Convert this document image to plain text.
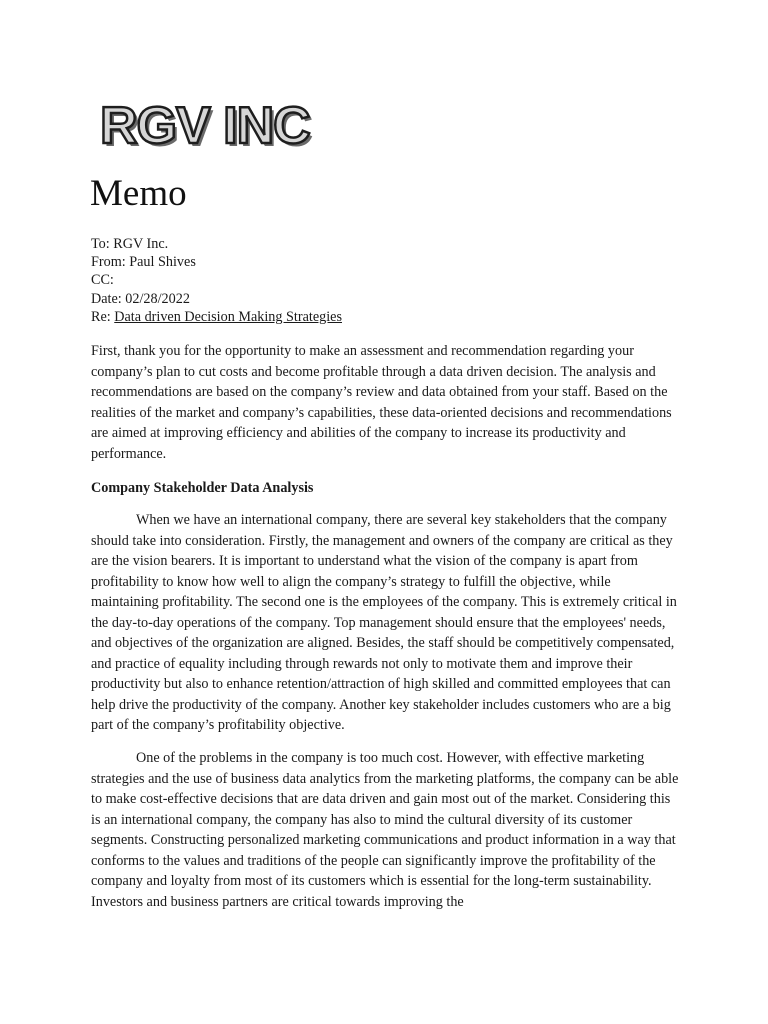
RGV INC
Memo
To: RGV Inc.
From: Paul Shives
CC:
Date: 02/28/2022
Re: Data driven Decision Making Strategies

First, thank you for the opportunity to make an assessment and recommendation regarding your company’s plan to cut costs and become profitable through a data driven decision. The analysis and recommendations are based on the company’s review and data obtained from your staff. Based on the realities of the market and company’s capabilities, these data-oriented decisions and recommendations are aimed at improving efficiency and abilities of the company to increase its productivity and performance.

Company Stakeholder Data Analysis

When we have an international company, there are several key stakeholders that the company should take into consideration. Firstly, the management and owners of the company are critical as they are the vision bearers. It is important to understand what the vision of the company is apart from profitability to know how well to align the company’s strategy to fulfill the objective, while maintaining profitability. The second one is the employees of the company. This is extremely critical in the day-to-day operations of the company. Top management should ensure that the employees' needs, and objectives of the organization are aligned. Besides, the staff should be competitively compensated, and practice of equality including through rewards not only to motivate them and improve their productivity but also to enhance retention/attraction of high skilled and committed employees that can help drive the productivity of the company. Another key stakeholder includes customers who are a big part of the company’s profitability objective.

One of the problems in the company is too much cost. However, with effective marketing strategies and the use of business data analytics from the marketing platforms, the company can be able to make cost-effective decisions that are data driven and gain most out of the market. Considering this is an international company, the company has also to mind the cultural diversity of its customer segments. Constructing personalized marketing communications and product information in a way that conforms to the values and traditions of the people can significantly improve the profitability of the company and loyalty from most of its customers which is essential for the long-term sustainability. Investors and business partners are critical towards improving the
